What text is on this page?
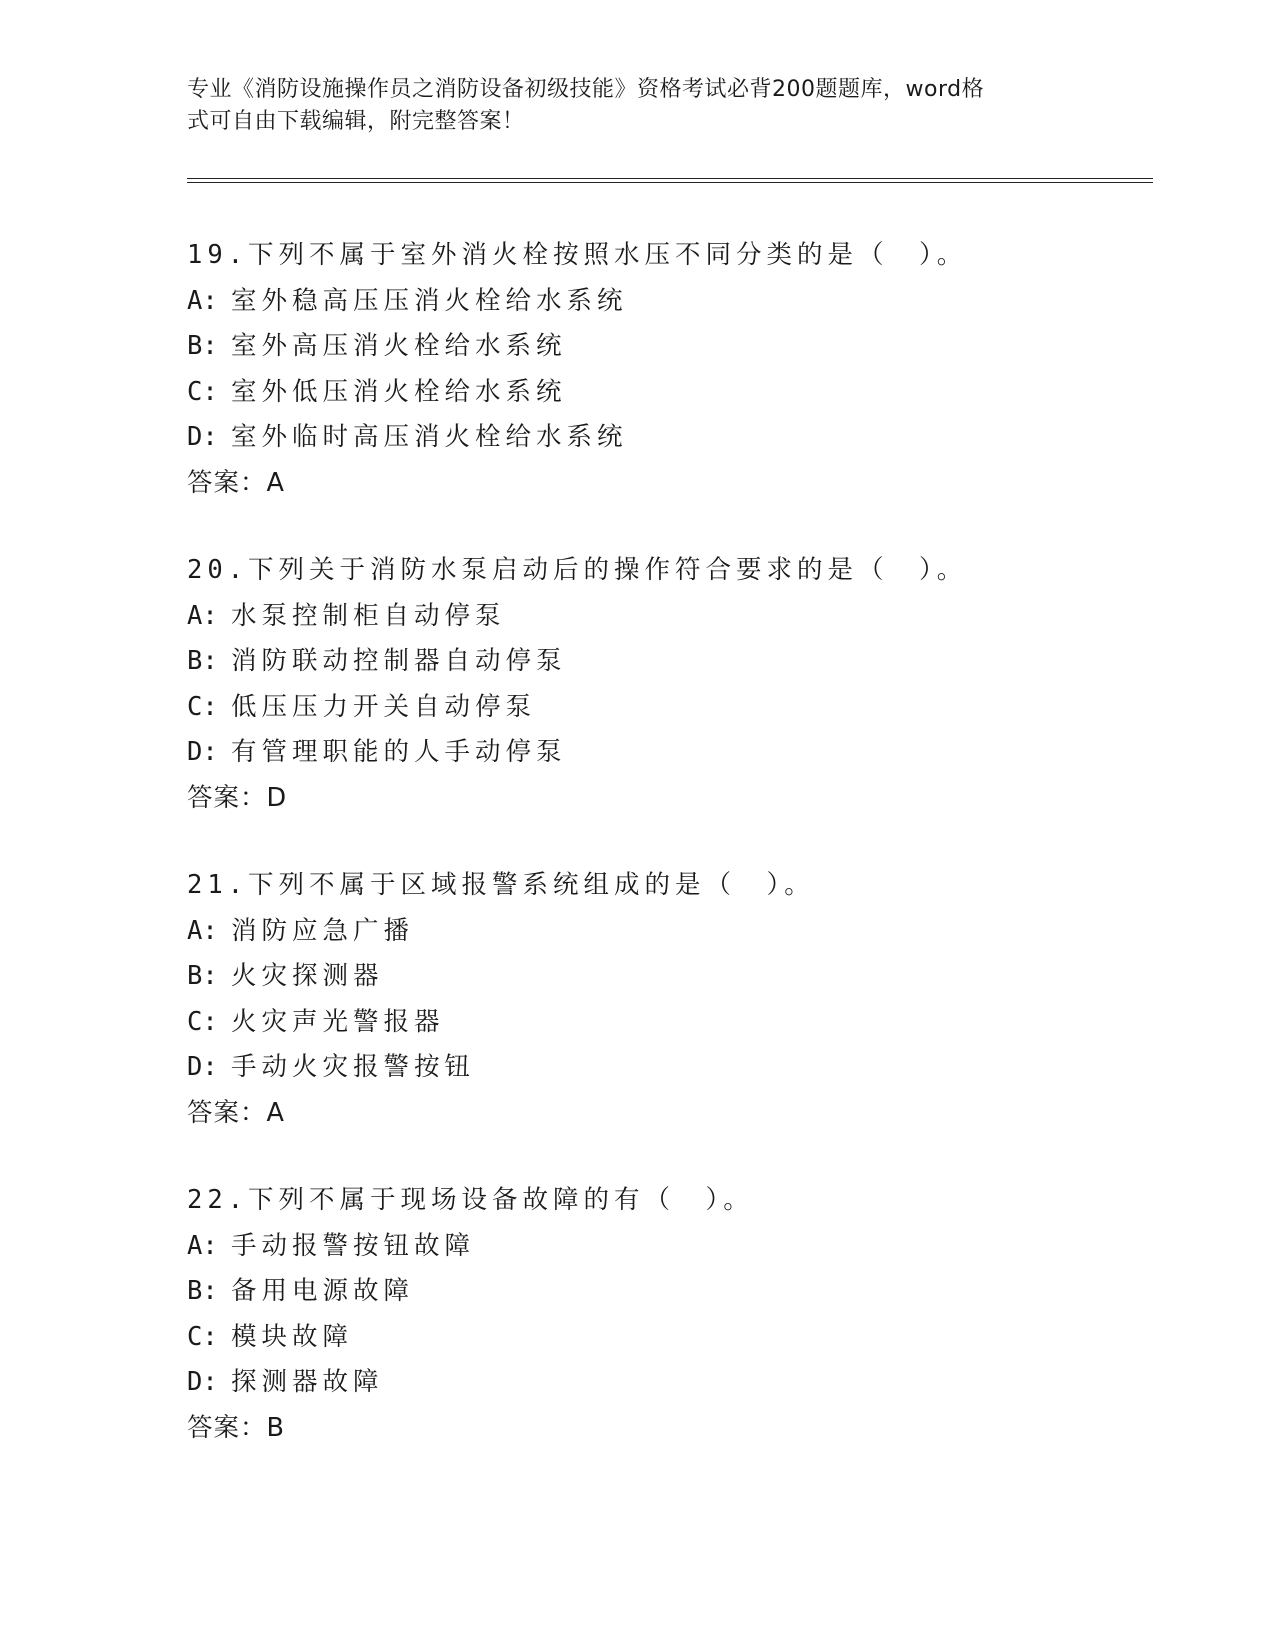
专业《消防设施操作员之消防设备初级技能》资格考试必背200题题库，word格
式可自由下载编辑，附完整答案！
19.下列不属于室外消火栓按照水压不同分类的是（　）。
A: 室外稳高压压消火栓给水系统
B: 室外高压消火栓给水系统
C: 室外低压消火栓给水系统
D: 室外临时高压消火栓给水系统
答案：A
20.下列关于消防水泵启动后的操作符合要求的是（　）。
A: 水泵控制柜自动停泵
B: 消防联动控制器自动停泵
C: 低压压力开关自动停泵
D: 有管理职能的人手动停泵
答案：D
21.下列不属于区域报警系统组成的是（　）。
A: 消防应急广播
B: 火灾探测器
C: 火灾声光警报器
D: 手动火灾报警按钮
答案：A
22.下列不属于现场设备故障的有（　）。
A: 手动报警按钮故障
B: 备用电源故障
C: 模块故障
D: 探测器故障
答案：B
